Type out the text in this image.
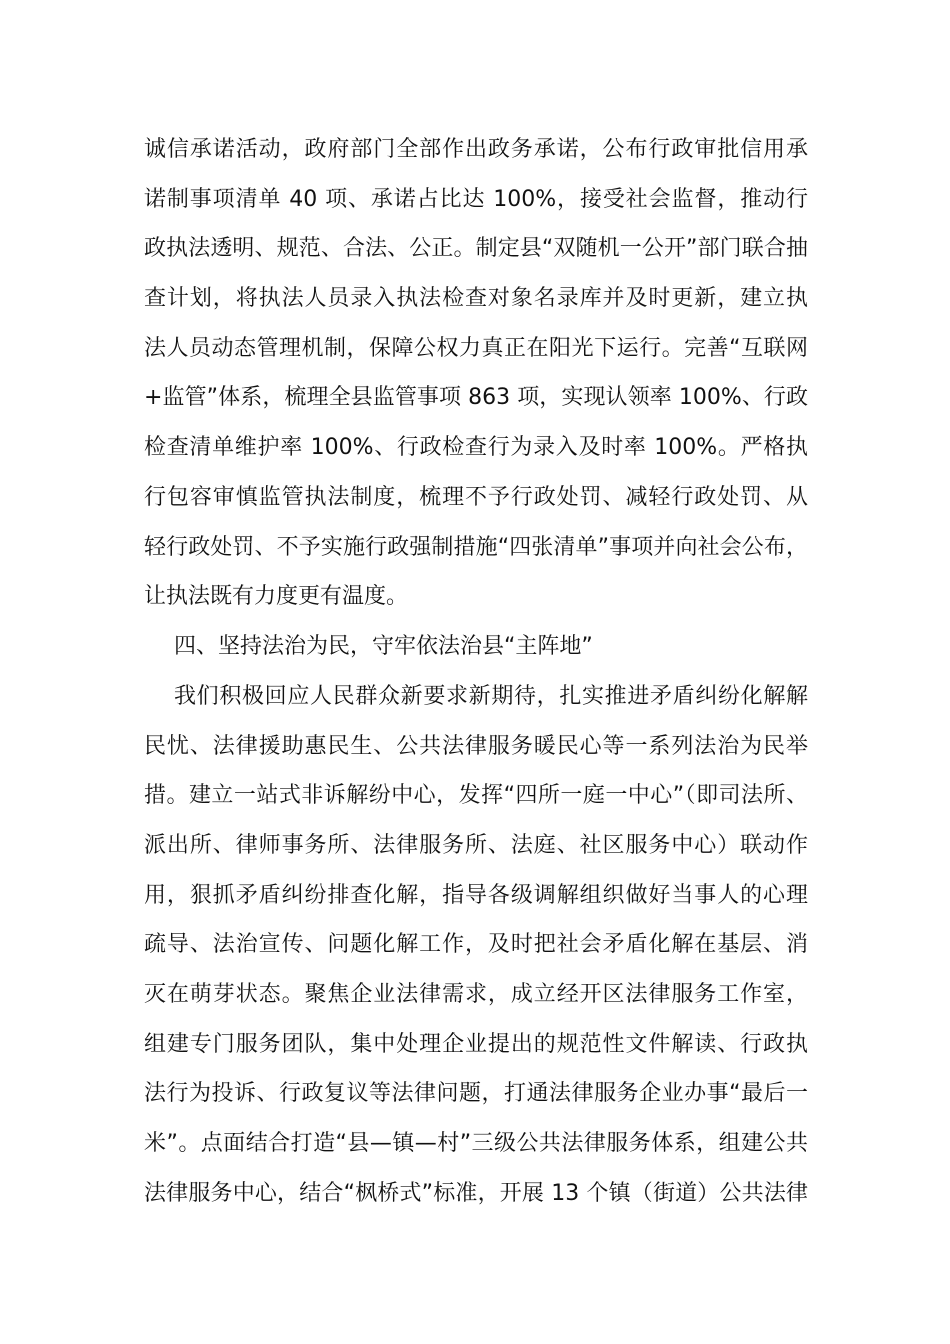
诚信承诺活动，政府部门全部作出政务承诺，公布行政审批信用承
诺制事项清单 40 项、承诺占比达 100%，接受社会监督，推动行
政执法透明、规范、合法、公正。制定县“双随机一公开”部门联合抽
查计划，将执法人员录入执法检查对象名录库并及时更新，建立执
法人员动态管理机制，保障公权力真正在阳光下运行。完善“互联网
+监管”体系，梳理全县监管事项 863 项，实现认领率 100%、行政
检查清单维护率 100%、行政检查行为录入及时率 100%。严格执
行包容审慎监管执法制度，梳理不予行政处罚、减轻行政处罚、从
轻行政处罚、不予实施行政强制措施“四张清单”事项并向社会公布，
让执法既有力度更有温度。
四、坚持法治为民，守牢依法治县“主阵地”
我们积极回应人民群众新要求新期待，扎实推进矛盾纠纷化解解
民忧、法律援助惠民生、公共法律服务暖民心等一系列法治为民举
措。建立一站式非诉解纷中心，发挥“四所一庭一中心”（即司法所、
派出所、律师事务所、法律服务所、法庭、社区服务中心）联动作
用，狠抓矛盾纠纷排查化解，指导各级调解组织做好当事人的心理
疏导、法治宣传、问题化解工作，及时把社会矛盾化解在基层、消
灭在萌芽状态。聚焦企业法律需求，成立经开区法律服务工作室，
组建专门服务团队，集中处理企业提出的规范性文件解读、行政执
法行为投诉、行政复议等法律问题，打通法律服务企业办事“最后一
米”。点面结合打造“县—镇—村”三级公共法律服务体系，组建公共
法律服务中心，结合“枫桥式”标准，开展 13 个镇（街道）公共法律
